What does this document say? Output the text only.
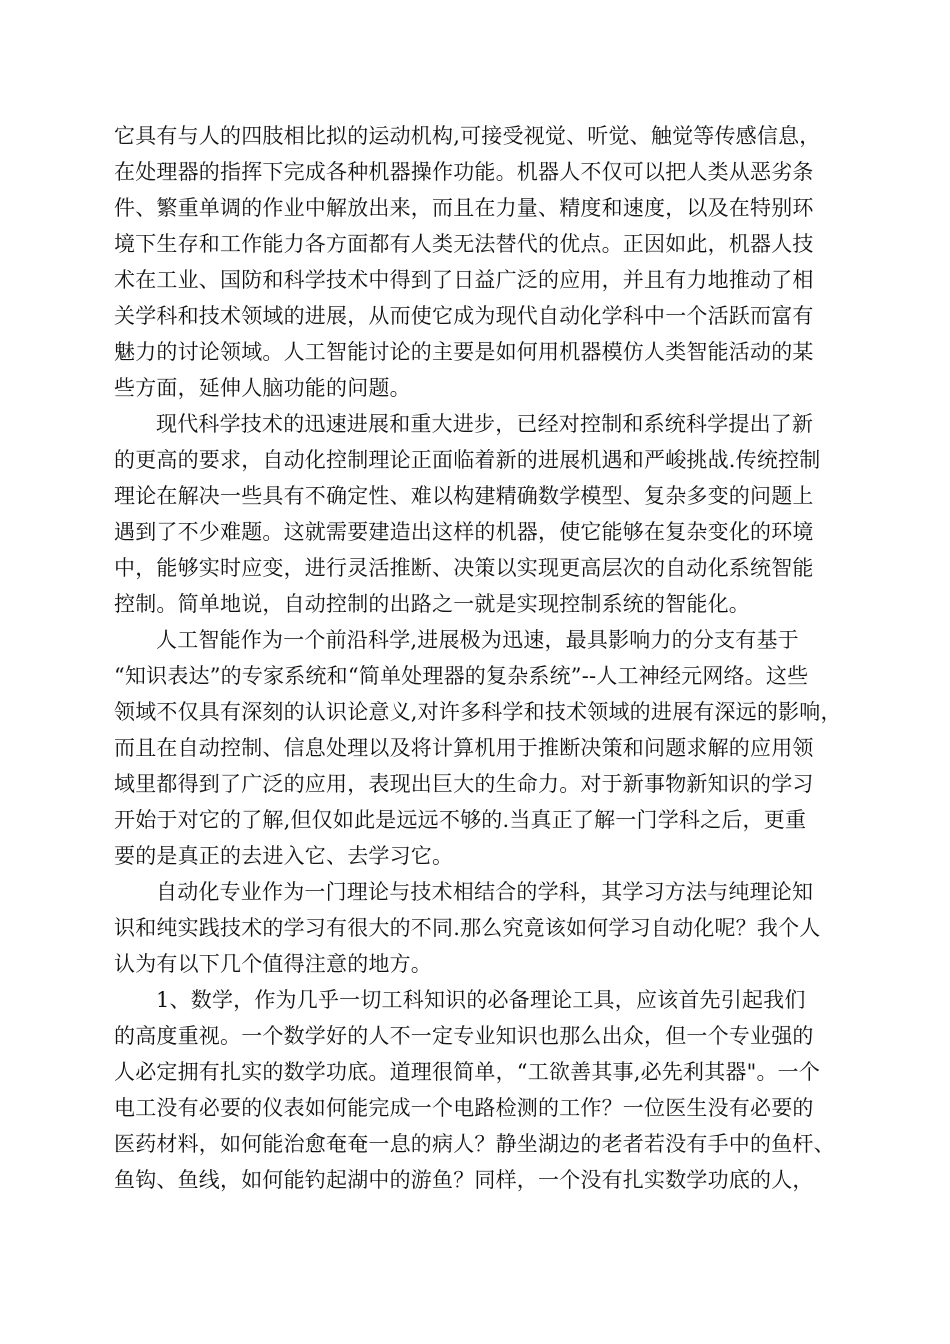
它具有与人的四肢相比拟的运动机构,可接受视觉、听觉、触觉等传感信息，
在处理器的指挥下完成各种机器操作功能。机器人不仅可以把人类从恶劣条
件、繁重单调的作业中解放出来，而且在力量、精度和速度，以及在特别环
境下生存和工作能力各方面都有人类无法替代的优点。正因如此，机器人技
术在工业、国防和科学技术中得到了日益广泛的应用，并且有力地推动了相
关学科和技术领域的进展，从而使它成为现代自动化学科中一个活跃而富有
魅力的讨论领域。人工智能讨论的主要是如何用机器模仿人类智能活动的某
些方面，延伸人脑功能的问题。
现代科学技术的迅速进展和重大进步，已经对控制和系统科学提出了新
的更高的要求，自动化控制理论正面临着新的进展机遇和严峻挑战.传统控制
理论在解决一些具有不确定性、难以构建精确数学模型、复杂多变的问题上
遇到了不少难题。这就需要建造出这样的机器，使它能够在复杂变化的环境
中，能够实时应变，进行灵活推断、决策以实现更高层次的自动化系统智能
控制。简单地说，自动控制的出路之一就是实现控制系统的智能化。
人工智能作为一个前沿科学,进展极为迅速，最具影响力的分支有基于
“知识表达”的专家系统和“简单处理器的复杂系统”--人工神经元网络。这些
领域不仅具有深刻的认识论意义,对许多科学和技术领域的进展有深远的影响，
而且在自动控制、信息处理以及将计算机用于推断决策和问题求解的应用领
域里都得到了广泛的应用，表现出巨大的生命力。对于新事物新知识的学习
开始于对它的了解,但仅如此是远远不够的.当真正了解一门学科之后，更重
要的是真正的去进入它、去学习它。
自动化专业作为一门理论与技术相结合的学科，其学习方法与纯理论知
识和纯实践技术的学习有很大的不同.那么究竟该如何学习自动化呢？我个人
认为有以下几个值得注意的地方。
1、数学，作为几乎一切工科知识的必备理论工具，应该首先引起我们
的高度重视。一个数学好的人不一定专业知识也那么出众，但一个专业强的
人必定拥有扎实的数学功底。道理很简单，“工欲善其事,必先利其器"。一个
电工没有必要的仪表如何能完成一个电路检测的工作？一位医生没有必要的
医药材料，如何能治愈奄奄一息的病人？静坐湖边的老者若没有手中的鱼杆、
鱼钩、鱼线，如何能钓起湖中的游鱼？同样，一个没有扎实数学功底的人，
